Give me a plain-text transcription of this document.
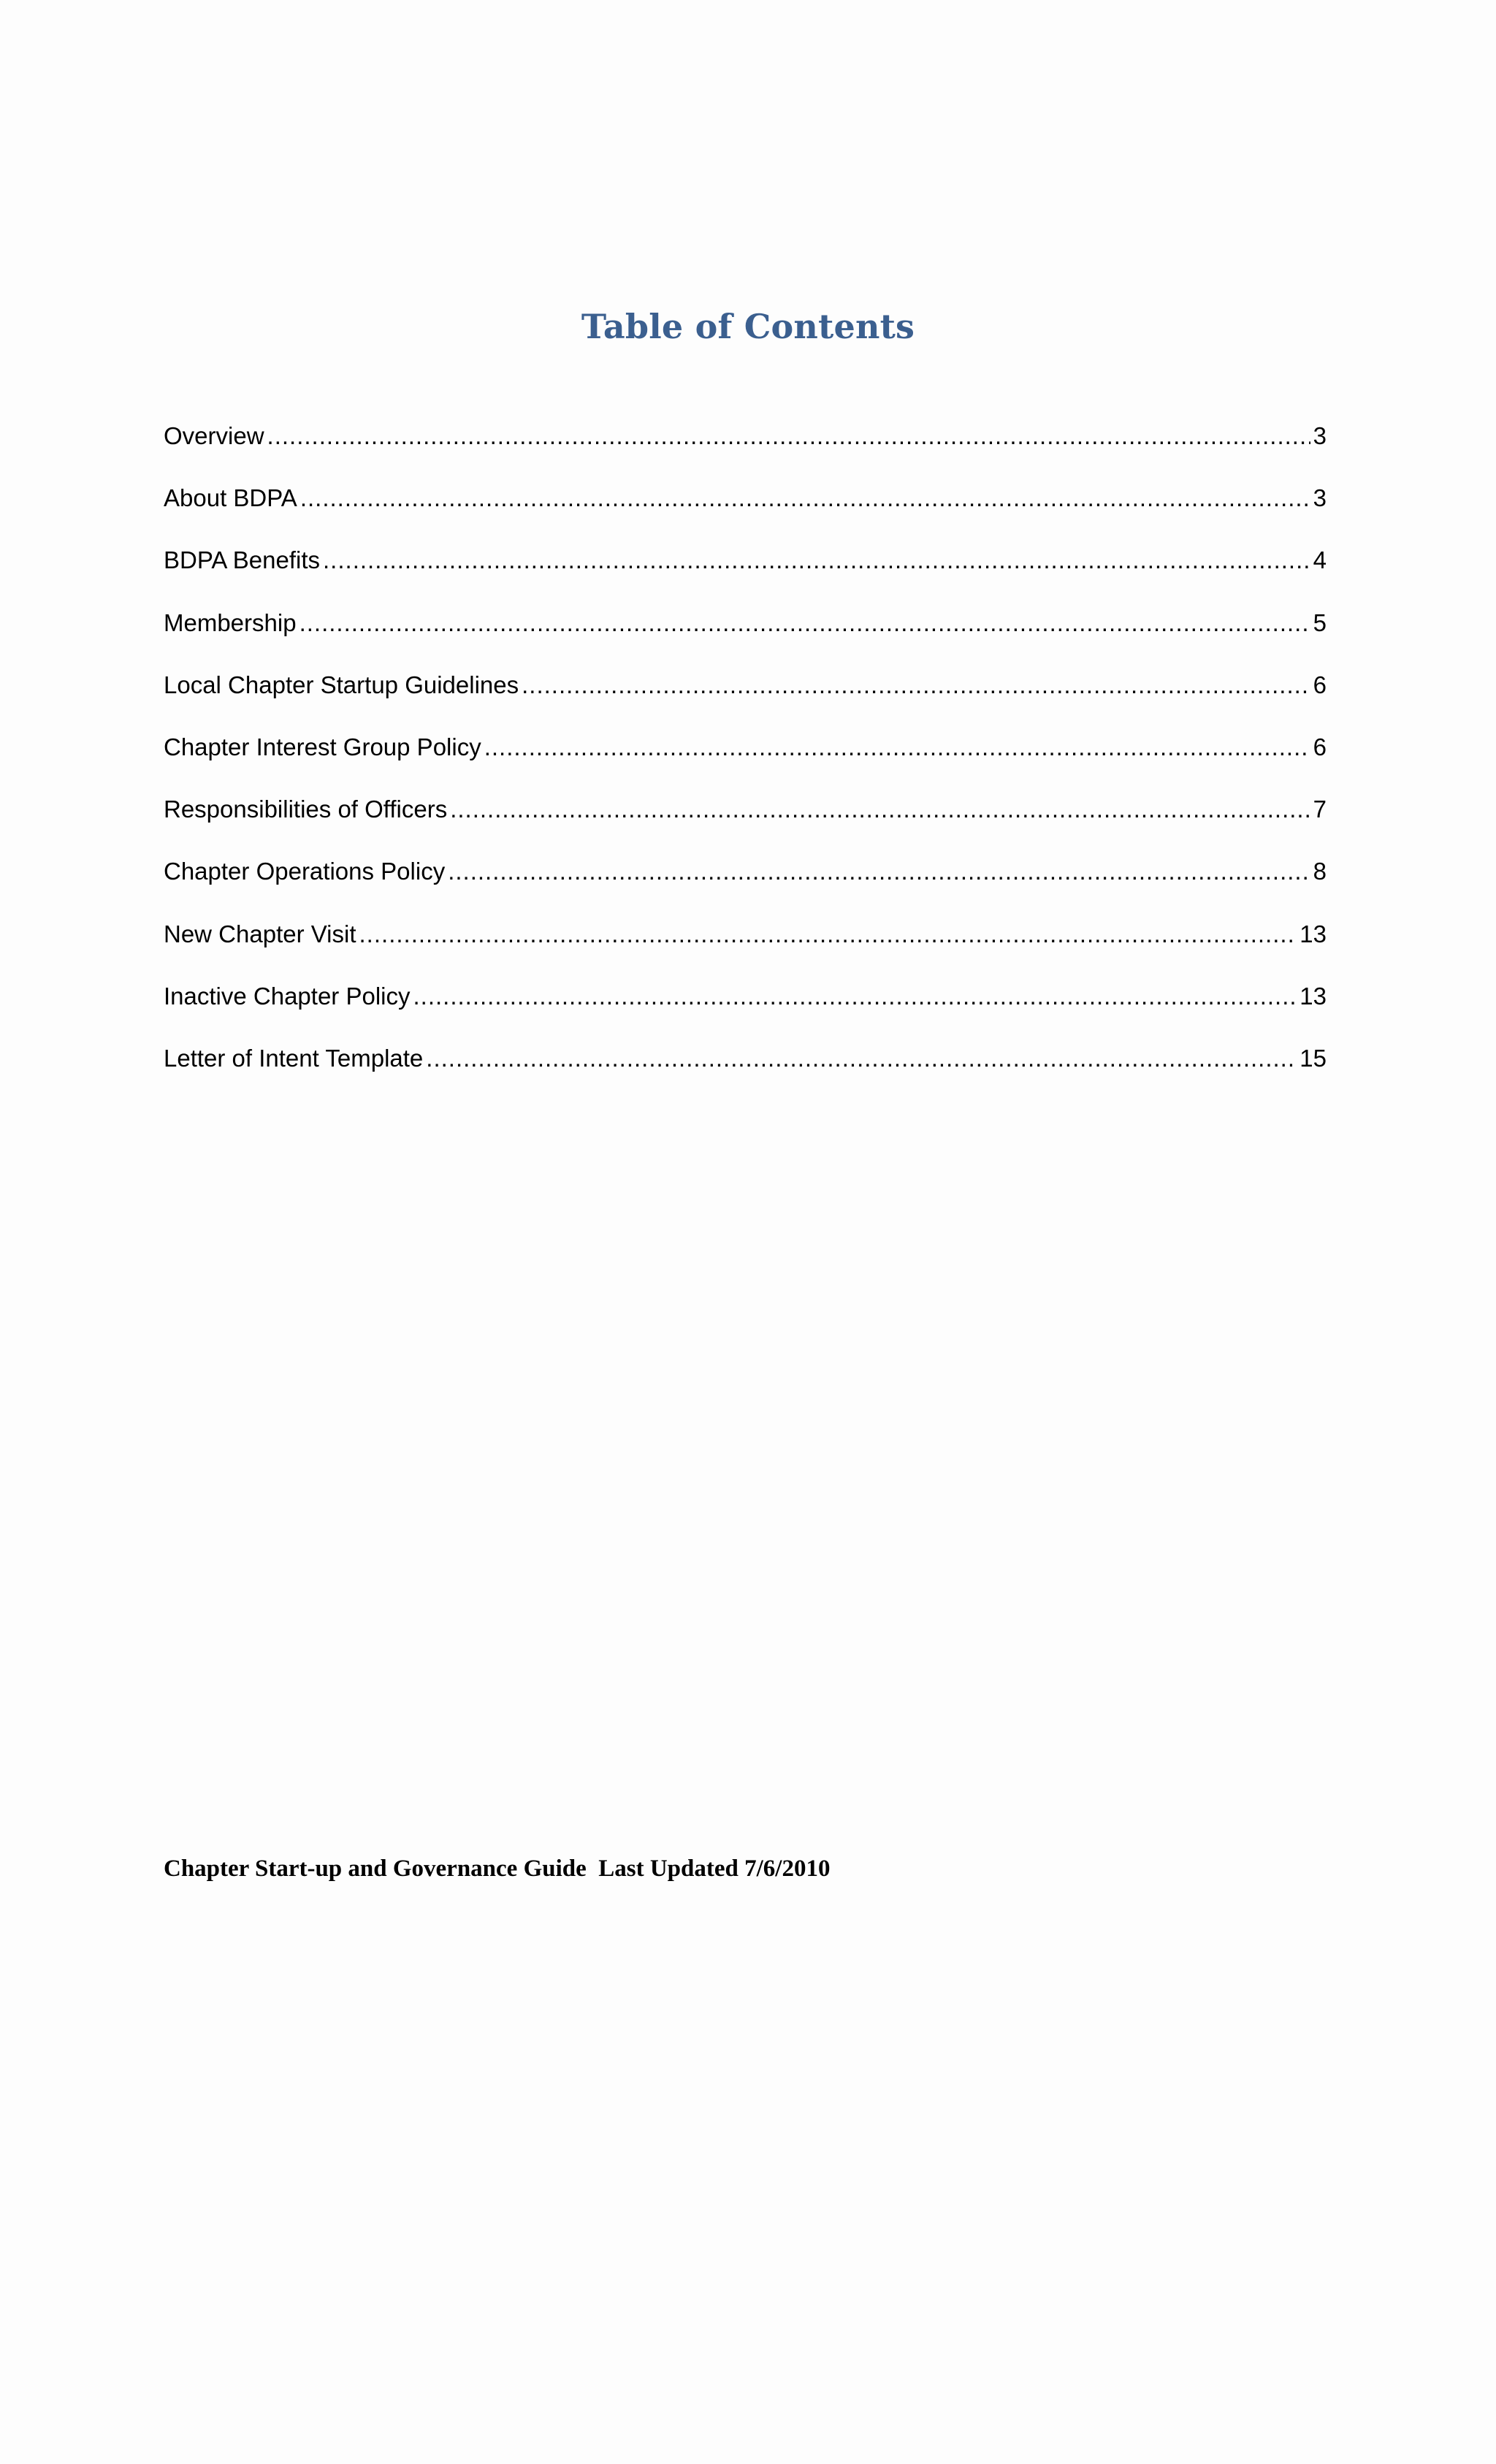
Table of Contents
Overview .....	3
About BDPA .....	3
BDPA Benefits .....	4
Membership .....	5
Local Chapter Startup Guidelines .....	6
Chapter Interest Group Policy .....	6
Responsibilities of Officers .....	7
Chapter Operations Policy .....	8
New Chapter Visit .....	13
Inactive Chapter Policy .....	13
Letter of Intent Template .....	15

Chapter Start-up and Governance Guide  Last Updated 7/6/2010
